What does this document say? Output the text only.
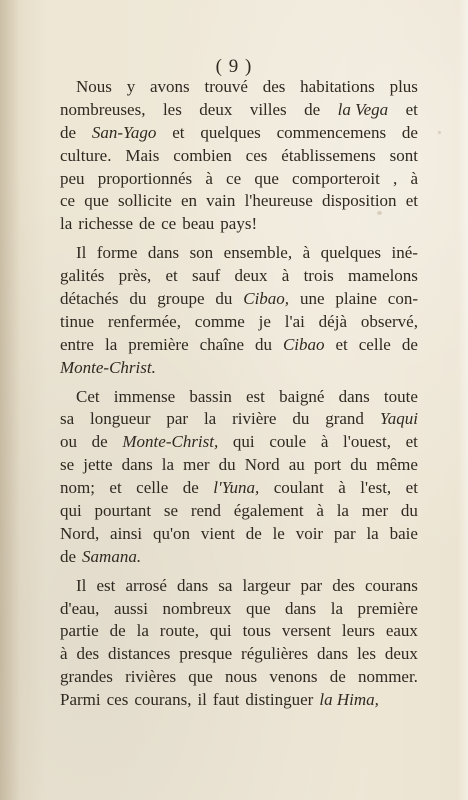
( 9 )
Nous y avons trouvé des habitations plus
nombreuses, les deux villes de la Vega et
de San-Yago et quelques commencemens de
culture. Mais combien ces établissemens sont
peu proportionnés à ce que comporteroit , à
ce que sollicite en vain l'heureuse disposition et
la richesse de ce beau pays!
Il forme dans son ensemble, à quelques iné-
galités près, et sauf deux à trois mamelons
détachés du groupe du Cibao, une plaine con-
tinue renfermée, comme je l'ai déjà observé,
entre la première chaîne du Cibao et celle de
Monte-Christ.
Cet immense bassin est baigné dans toute
sa longueur par la rivière du grand Yaqui
ou de Monte-Christ, qui coule à l'ouest, et
se jette dans la mer du Nord au port du même
nom; et celle de l'Yuna, coulant à l'est, et
qui pourtant se rend également à la mer du
Nord, ainsi qu'on vient de le voir par la baie
de Samana.
Il est arrosé dans sa largeur par des courans
d'eau, aussi nombreux que dans la première
partie de la route, qui tous versent leurs eaux
à des distances presque régulières dans les deux
grandes rivières que nous venons de nommer.
Parmi ces courans, il faut distinguer la Hima,
